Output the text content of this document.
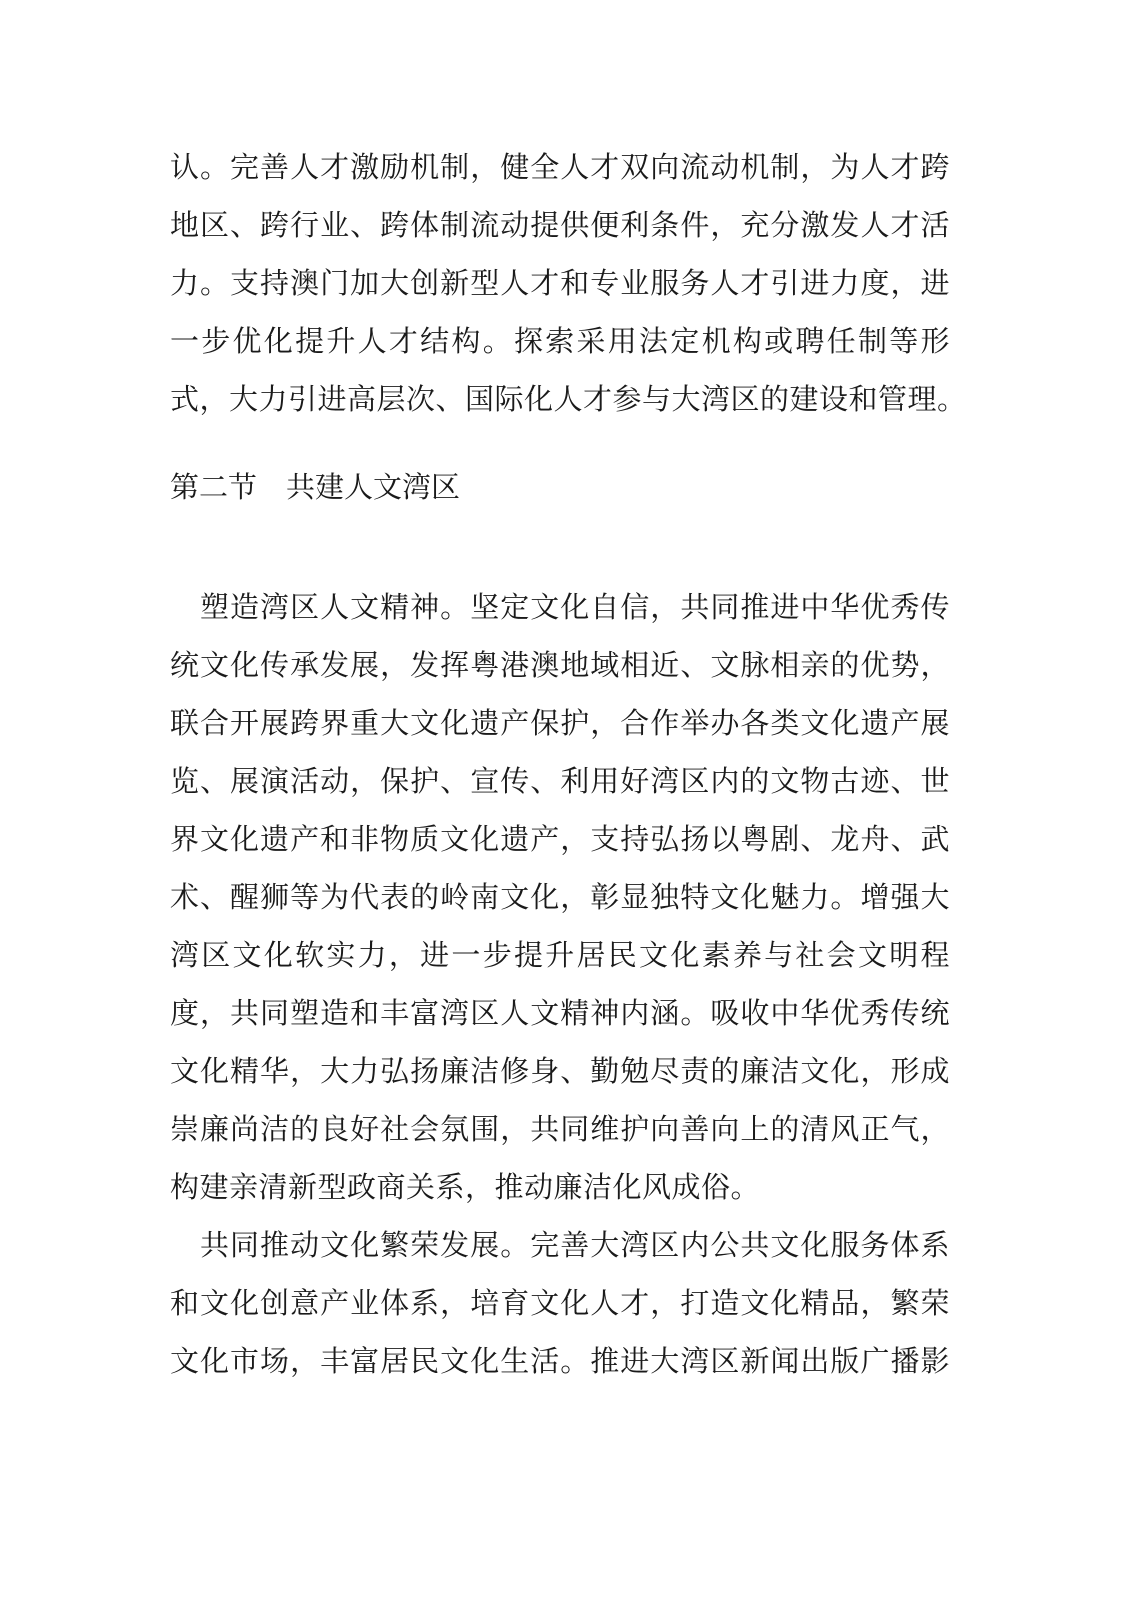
认。完善人才激励机制，健全人才双向流动机制，为人才跨
地区、跨行业、跨体制流动提供便利条件，充分激发人才活
力。支持澳门加大创新型人才和专业服务人才引进力度，进
一步优化提升人才结构。探索采用法定机构或聘任制等形
式，大力引进高层次、国际化人才参与大湾区的建设和管理。
第二节　共建人文湾区
　塑造湾区人文精神。坚定文化自信，共同推进中华优秀传
统文化传承发展，发挥粤港澳地域相近、文脉相亲的优势，
联合开展跨界重大文化遗产保护，合作举办各类文化遗产展
览、展演活动，保护、宣传、利用好湾区内的文物古迹、世
界文化遗产和非物质文化遗产，支持弘扬以粤剧、龙舟、武
术、醒狮等为代表的岭南文化，彰显独特文化魅力。增强大
湾区文化软实力，进一步提升居民文化素养与社会文明程
度，共同塑造和丰富湾区人文精神内涵。吸收中华优秀传统
文化精华，大力弘扬廉洁修身、勤勉尽责的廉洁文化，形成
崇廉尚洁的良好社会氛围，共同维护向善向上的清风正气，
构建亲清新型政商关系，推动廉洁化风成俗。
　共同推动文化繁荣发展。完善大湾区内公共文化服务体系
和文化创意产业体系，培育文化人才，打造文化精品，繁荣
文化市场，丰富居民文化生活。推进大湾区新闻出版广播影
